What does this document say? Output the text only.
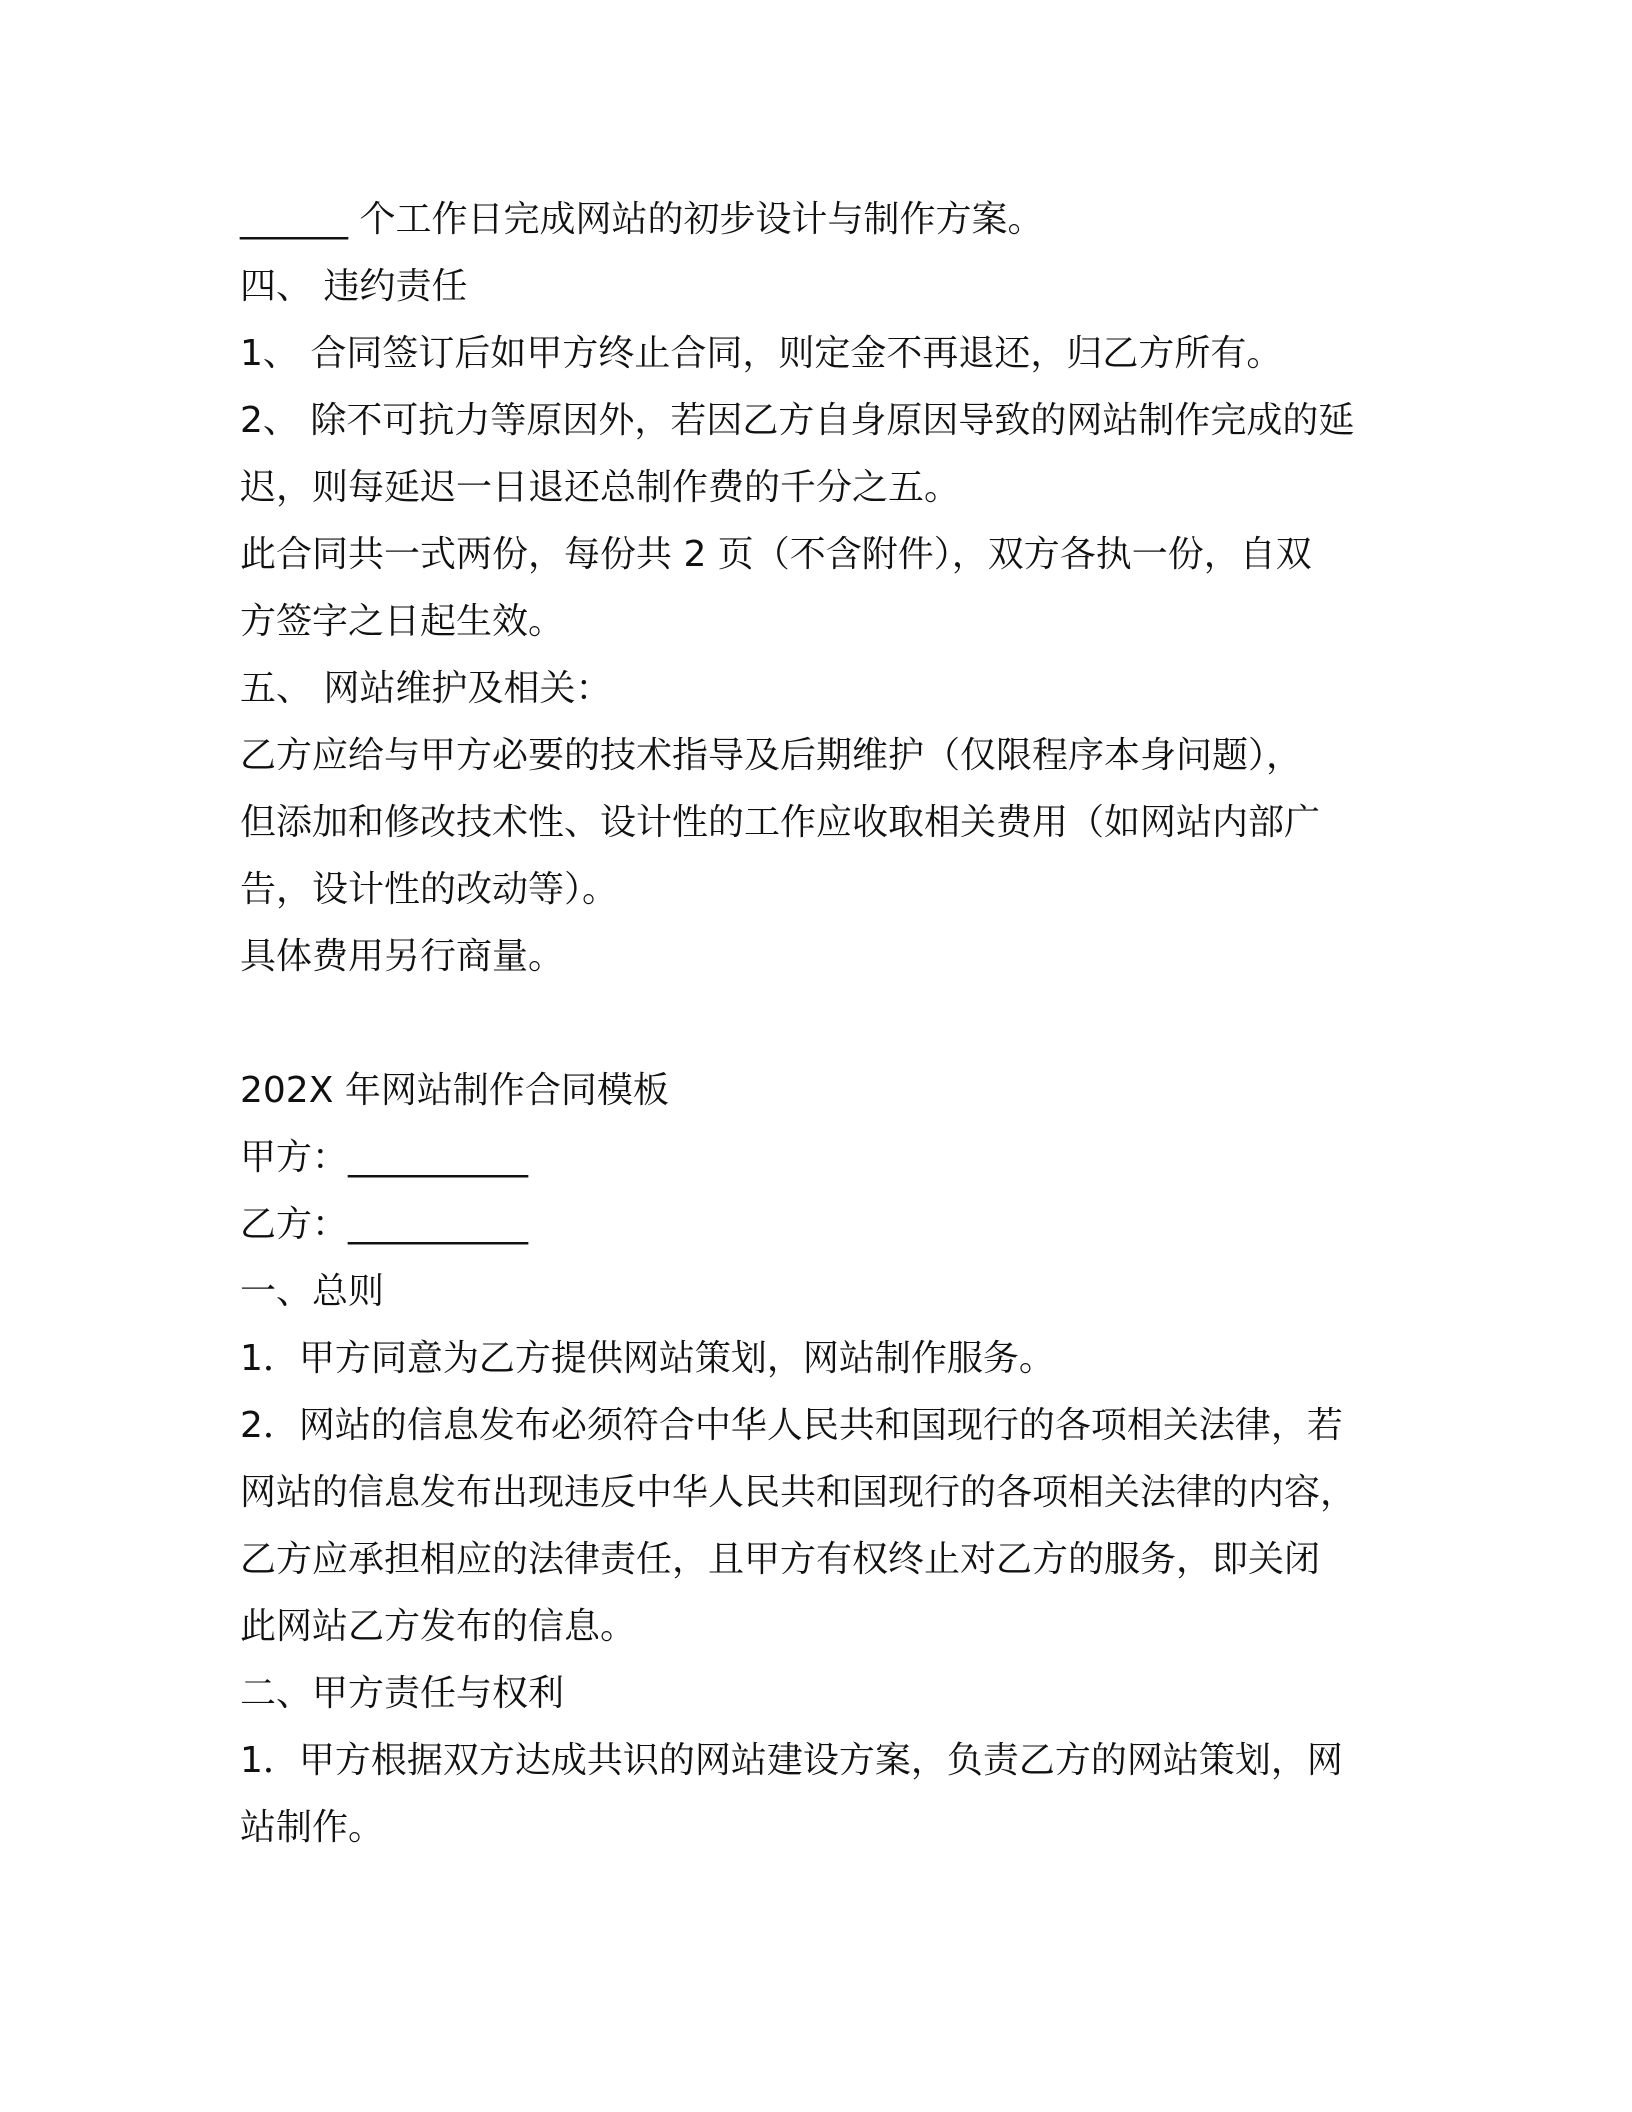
______ 个工作日完成网站的初步设计与制作方案。

四、 违约责任

1、 合同签订后如甲方终止合同，则定金不再退还，归乙方所有。

2、 除不可抗力等原因外，若因乙方自身原因导致的网站制作完成的延

迟，则每延迟一日退还总制作费的千分之五。

此合同共一式两份，每份共 2 页（不含附件），双方各执一份，自双

方签字之日起生效。

五、 网站维护及相关：

乙方应给与甲方必要的技术指导及后期维护（仅限程序本身问题），

但添加和修改技术性、设计性的工作应收取相关费用（如网站内部广

告，设计性的改动等）。

具体费用另行商量。

202X 年网站制作合同模板

甲方：__________

乙方：__________

一、总则

1．甲方同意为乙方提供网站策划，网站制作服务。

2．网站的信息发布必须符合中华人民共和国现行的各项相关法律，若

网站的信息发布出现违反中华人民共和国现行的各项相关法律的内容，

乙方应承担相应的法律责任，且甲方有权终止对乙方的服务，即关闭

此网站乙方发布的信息。

二、甲方责任与权利

1．甲方根据双方达成共识的网站建设方案，负责乙方的网站策划，网

站制作。
